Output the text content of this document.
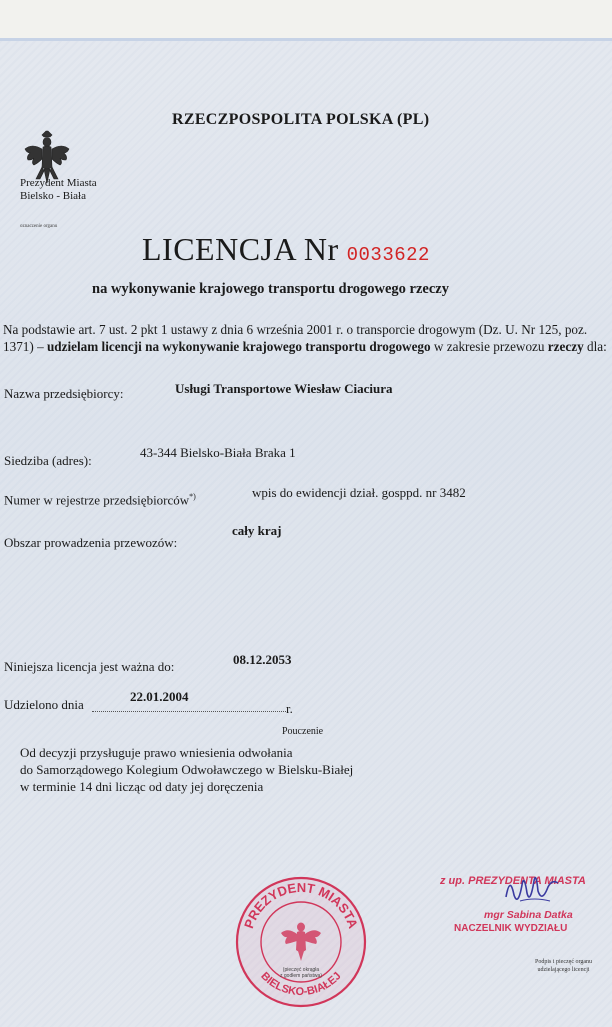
RZECZPOSPOLITA POLSKA (PL)
Prezydent Miasta
Bielsko - Biała
oznaczenie organu
LICENCJA Nr 0033622
na wykonywanie krajowego transportu drogowego rzeczy
Na podstawie art. 7 ust. 2 pkt 1 ustawy z dnia 6 września 2001 r. o transporcie drogowym (Dz. U. Nr 125, poz. 1371) – udzielam licencji na wykonywanie krajowego transportu drogowego w zakresie przewozu rzeczy dla:
Nazwa przedsiębiorcy:	Usługi Transportowe Wiesław Ciaciura
Siedziba (adres):
43-344 Bielsko-Biała Braka 1
Numer w rejestrze przedsiębiorców*)	wpis do ewidencji dział. gosppd. nr 3482
Obszar prowadzenia przewozów:
cały kraj
Niniejsza licencja jest ważna do:	08.12.2053
Udzielono dnia
22.01.2004
r.
Pouczenie
Od decyzji przysługuje prawo wniesienia odwołania
do Samorządowego Kolegium Odwoławczego w Bielsku-Białej
w terminie 14 dni licząc od daty jej doręczenia
PREZYDENT MIASTA
BIELSKO-BIAŁEJ
(pieczęć okrągła
z godłem państwa)
z up. PREZYDENTA MIASTA
mgr Sabina Datka
NACZELNIK WYDZIAŁU
Podpis i pieczęć organu
udzielającego licencji
